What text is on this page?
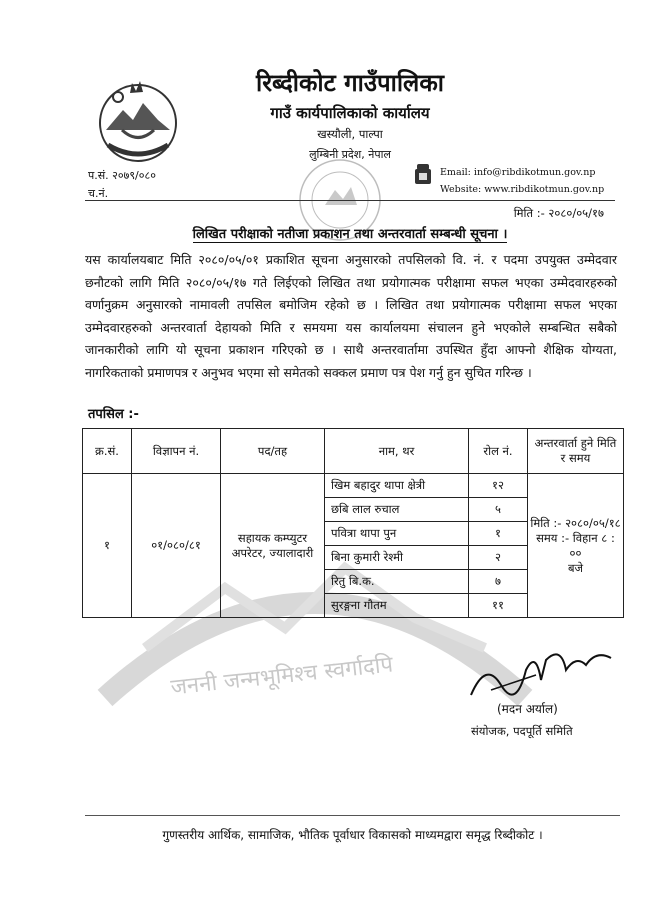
रिब्दीकोट गाउँपालिका
गाउँ कार्यपालिकाको कार्यालय
खस्यौली, पाल्पा
लुम्बिनी प्रदेश, नेपाल
प.सं. २०७९/०८०
च.नं.
Email: info@ribdikotmun.gov.np
Website: www.ribdikotmun.gov.np
मिति :- २०८०/०५/१७
लिखित परीक्षाको नतीजा प्रकाशन तथा अन्तरवार्ता सम्बन्धी सूचना ।
यस कार्यालयबाट मिति २०८०/०५/०१ प्रकाशित सूचना अनुसारको तपसिलको वि. नं. र पदमा उपयुक्त उम्मेदवार छनौटको लागि मिति २०८०/०५/१७ गते लिईएको लिखित तथा प्रयोगात्मक परीक्षामा सफल भएका उम्मेदवारहरुको वर्णानुक्रम अनुसारको नामावली तपसिल बमोजिम रहेको छ । लिखित तथा प्रयोगात्मक परीक्षामा सफल भएका उम्मेदवारहरुको अन्तरवार्ता देहायको मिति र समयमा यस कार्यालयमा संचालन हुने भएकोले सम्बन्धित सबैको जानकारीको लागि यो सूचना प्रकाशन गरिएको छ । साथै अन्तरवार्तामा उपस्थित हुँदा आफ्नो शैक्षिक योग्यता, नागरिकताको प्रमाणपत्र र अनुभव भएमा सो समेतको सक्कल प्रमाण पत्र पेश गर्नु हुन सुचित गरिन्छ ।
तपसिल :-
जननी जन्मभूमिश्च स्वर्गादपि
क्र.सं.	विज्ञापन नं.	पद/तह	नाम, थर	रोल नं.	अन्तरवार्ता हुने मिति र समय
१	०१/०८०/८१	सहायक कम्प्युटर अपरेटर, ज्यालादारी	खिम बहादुर थापा क्षेत्री	१२	मिति :- २०८०/०५/१८
समय :- विहान ८ : ००
बजे

			छबि लाल रुचाल	५	
			पवित्रा थापा पुन	१	
			बिना कुमारी रेश्मी	२	
			रितु बि.क.	७	
			सुरङ्गना गौतम	११	
(मदन अर्याल)
संयोजक, पदपूर्ति समिति
गुणस्तरीय आर्थिक, सामाजिक, भौतिक पूर्वाधार विकासको माध्यमद्वारा समृद्ध रिब्दीकोट ।
